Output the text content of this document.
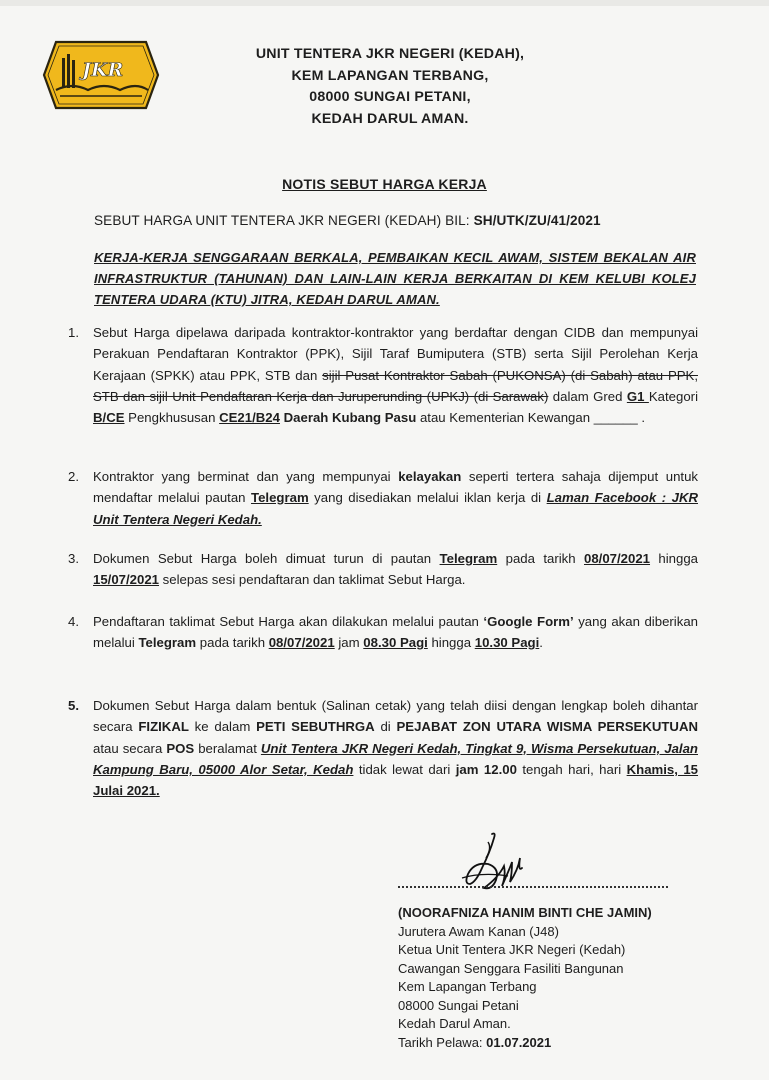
JKR
UNIT TENTERA JKR NEGERI (KEDAH),
KEM LAPANGAN TERBANG,
08000 SUNGAI PETANI,
KEDAH DARUL AMAN.
NOTIS SEBUT HARGA KERJA
SEBUT HARGA UNIT TENTERA JKR NEGERI (KEDAH) BIL: SH/UTK/ZU/41/2021
KERJA-KERJA SENGGARAAN BERKALA, PEMBAIKAN KECIL AWAM, SISTEM BEKALAN AIR INFRASTRUKTUR (TAHUNAN) DAN LAIN-LAIN KERJA BERKAITAN DI KEM KELUBI KOLEJ TENTERA UDARA (KTU) JITRA, KEDAH DARUL AMAN.
1.	Sebut Harga dipelawa daripada kontraktor-kontraktor yang berdaftar dengan CIDB dan mempunyai Perakuan Pendaftaran Kontraktor (PPK), Sijil Taraf Bumiputera (STB) serta Sijil Perolehan Kerja Kerajaan (SPKK) atau PPK, STB dan sijil Pusat Kontraktor Sabah (PUKONSA) (di Sabah) atau PPK, STB dan sijil Unit Pendaftaran Kerja dan Juruperunding (UPKJ) (di Sarawak) dalam Gred G1 Kategori B/CE Pengkhususan CE21/B24 Daerah Kubang Pasu atau Kementerian Kewangan ______ .
2.	Kontraktor yang berminat dan yang mempunyai kelayakan seperti tertera sahaja dijemput untuk mendaftar melalui pautan Telegram yang disediakan melalui iklan kerja di Laman Facebook : JKR Unit Tentera Negeri Kedah.
3.	Dokumen Sebut Harga boleh dimuat turun di pautan Telegram pada tarikh 08/07/2021 hingga 15/07/2021 selepas sesi pendaftaran dan taklimat Sebut Harga.
4.	Pendaftaran taklimat Sebut Harga akan dilakukan melalui pautan ‘Google Form’ yang akan diberikan melalui Telegram pada tarikh 08/07/2021 jam 08.30 Pagi hingga 10.30 Pagi.
5.	Dokumen Sebut Harga dalam bentuk (Salinan cetak) yang telah diisi dengan lengkap boleh dihantar secara FIZIKAL ke dalam PETI SEBUTHRGA di PEJABAT ZON UTARA WISMA PERSEKUTUAN atau secara POS beralamat Unit Tentera JKR Negeri Kedah, Tingkat 9, Wisma Persekutuan, Jalan Kampung Baru, 05000 Alor Setar, Kedah tidak lewat dari jam 12.00 tengah hari, hari Khamis, 15 Julai 2021.
(NOORAFNIZA HANIM BINTI CHE JAMIN)
Jurutera Awam Kanan (J48)
Ketua Unit Tentera JKR Negeri (Kedah)
Cawangan Senggara Fasiliti Bangunan
Kem Lapangan Terbang
08000 Sungai Petani
Kedah Darul Aman.
Tarikh Pelawa: 01.07.2021
